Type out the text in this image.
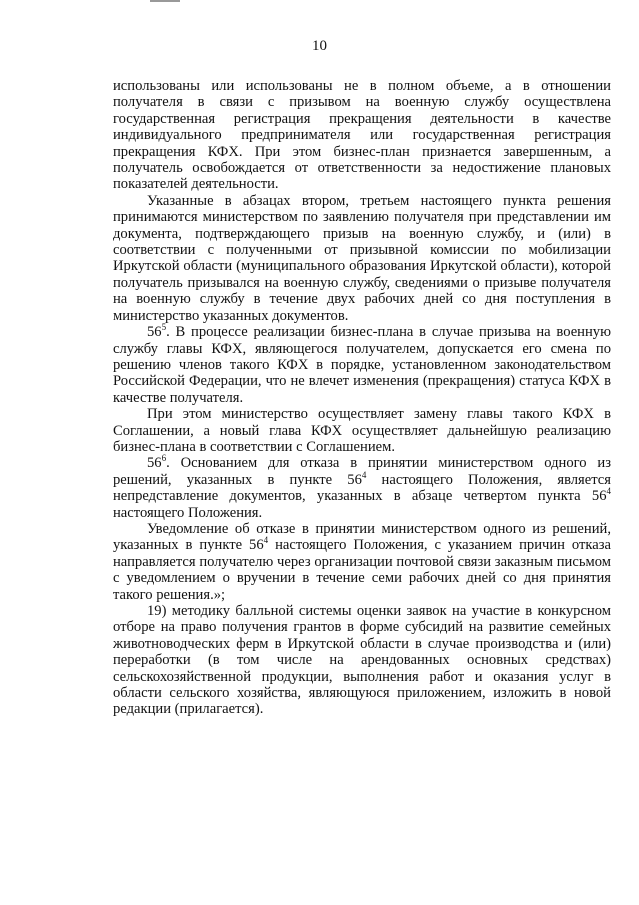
10

использованы или использованы не в полном объеме, а в отношении получателя в связи с призывом на военную службу осуществлена государственная регистрация прекращения деятельности в качестве индивидуального предпринимателя или государственная регистрация прекращения КФХ. При этом бизнес-план признается завершенным, а получатель освобождается от ответственности за недостижение плановых показателей деятельности.

Указанные в абзацах втором, третьем настоящего пункта решения принимаются министерством по заявлению получателя при представлении им документа, подтверждающего призыв на военную службу, и (или) в соответствии с полученными от призывной комиссии по мобилизации Иркутской области (муниципального образования Иркутской области), которой получатель призывался на военную службу, сведениями о призыве получателя на военную службу в течение двух рабочих дней со дня поступления в министерство указанных документов.

$56^5$. В процессе реализации бизнес-плана в случае призыва на военную службу главы КФХ, являющегося получателем, допускается его смена по решению членов такого КФХ в порядке, установленном законодательством Российской Федерации, что не влечет изменения (прекращения) статуса КФХ в качестве получателя.

При этом министерство осуществляет замену главы такого КФХ в Соглашении, а новый глава КФХ осуществляет дальнейшую реализацию бизнес-плана в соответствии с Соглашением.

$56^6$. Основанием для отказа в принятии министерством одного из решений, указанных в пункте $56^4$ настоящего Положения, является непредставление документов, указанных в абзаце четвертом пункта $56^4$ настоящего Положения.

Уведомление об отказе в принятии министерством одного из решений, указанных в пункте $56^4$ настоящего Положения, с указанием причин отказа направляется получателю через организации почтовой связи заказным письмом с уведомлением о вручении в течение семи рабочих дней со дня принятия такого решения.»;

19) методику балльной системы оценки заявок на участие в конкурсном отборе на право получения грантов в форме субсидий на развитие семейных животноводческих ферм в Иркутской области в случае производства и (или) переработки (в том числе на арендованных основных средствах) сельскохозяйственной продукции, выполнения работ и оказания услуг в области сельского хозяйства, являющуюся приложением, изложить в новой редакции (прилагается).
